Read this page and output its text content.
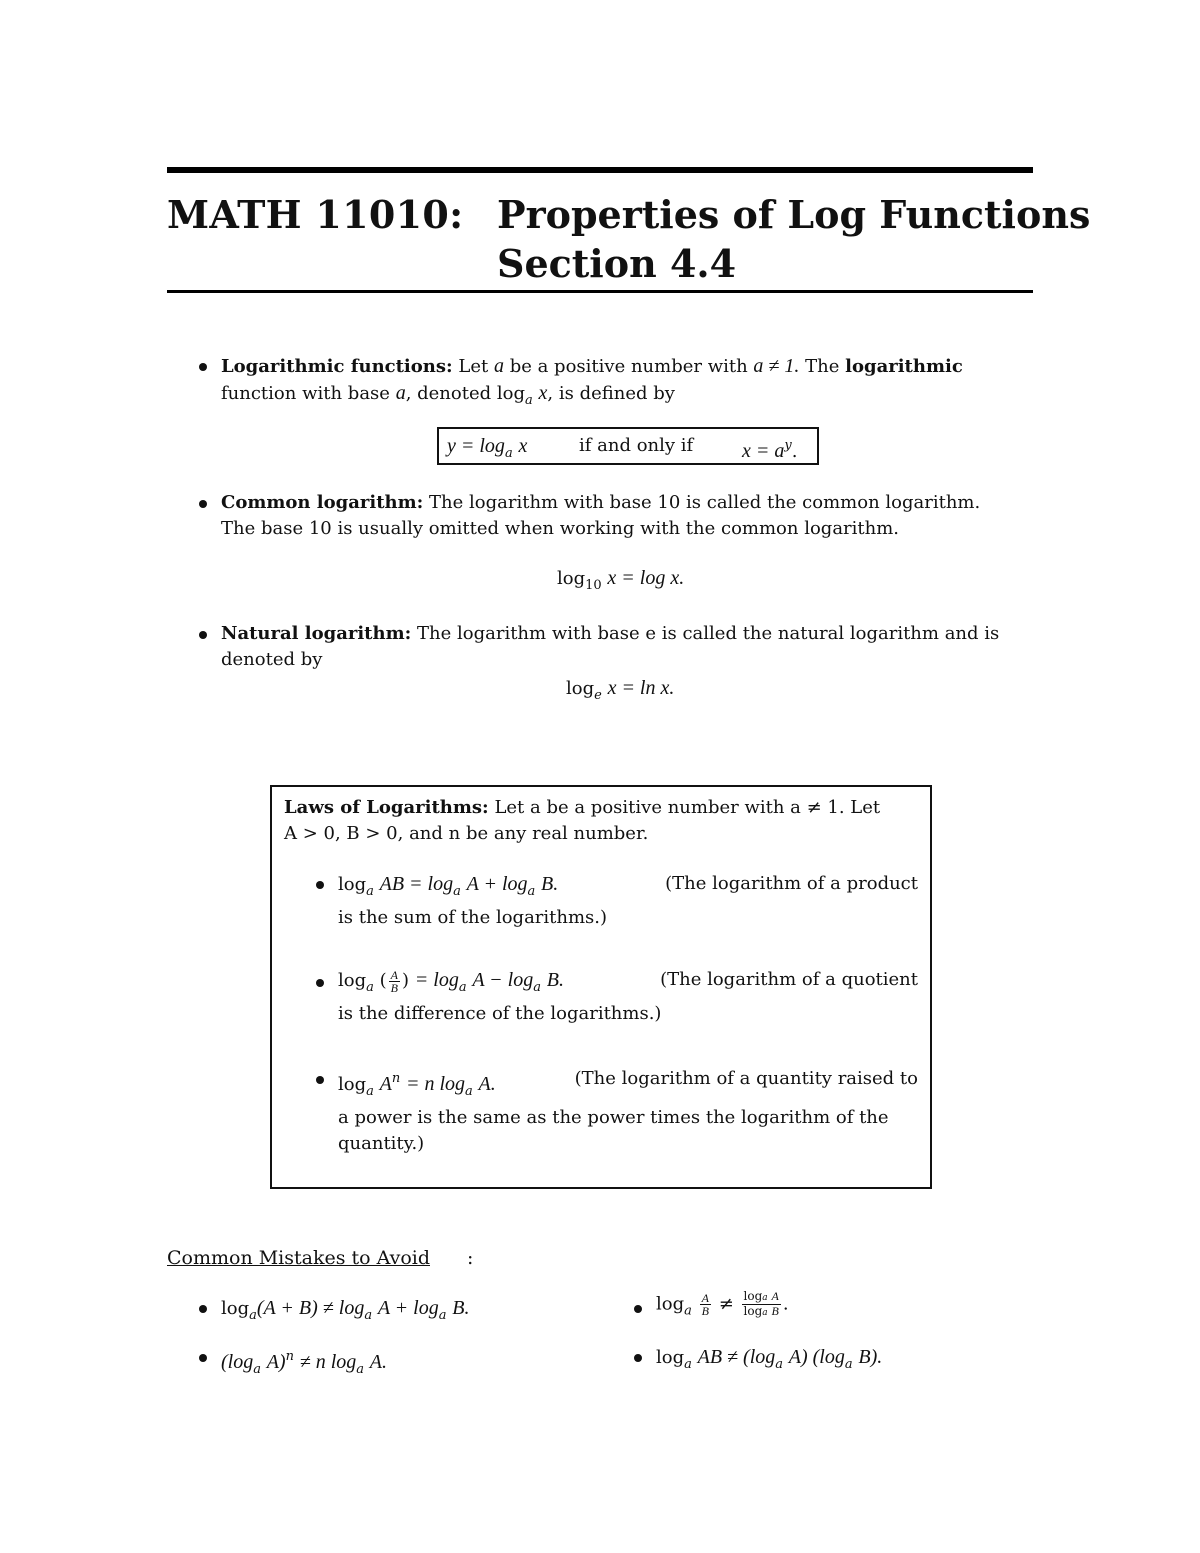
MATH 11010: Properties of Log Functions
Section 4.4
Logarithmic functions: Let a be a positive number with a ≠ 1. The logarithmic
function with base a, denoted $\log_a x$, is defined by
$y = \log_a x$	if and only if $x = a^y$.
Common logarithm: The logarithm with base 10 is called the common logarithm.
The base 10 is usually omitted when working with the common logarithm.
$\log_{10} x = \log x$.
Natural logarithm: The logarithm with base e is called the natural logarithm and is
denoted by
$\log_e x = \ln x$.
Laws of Logarithms: Let a be a positive number with a ≠ 1. Let
A > 0, B > 0, and n be any real number.
$\log_a$ AB = $\log_a A + \log_a B$.	(The logarithm of a product
is the sum of the logarithms.)
$\log_a$ ( $\frac{A}{B}$ ) = $\log_a A - \log_a B$.	(The logarithm of a quotient
is the difference of the logarithms.)
$\log_a A^n = n$ $\log_a A$.	(The logarithm of a quantity raised to
a power is the same as the power times the logarithm of the
quantity.)
Common Mistakes to Avoid :
$\log_a(A + B) \ne \log_a A + \log_a B$.
($\log_a$ A)$^n$ ≠ n $\log_a A$.
$\log_a \frac{A}{B} \ne \frac{\text{loga A}}{\text{loga B}}$ .
$\log_a$ AB ≠ ($\log_a$ A) ($\log_a$ B).
